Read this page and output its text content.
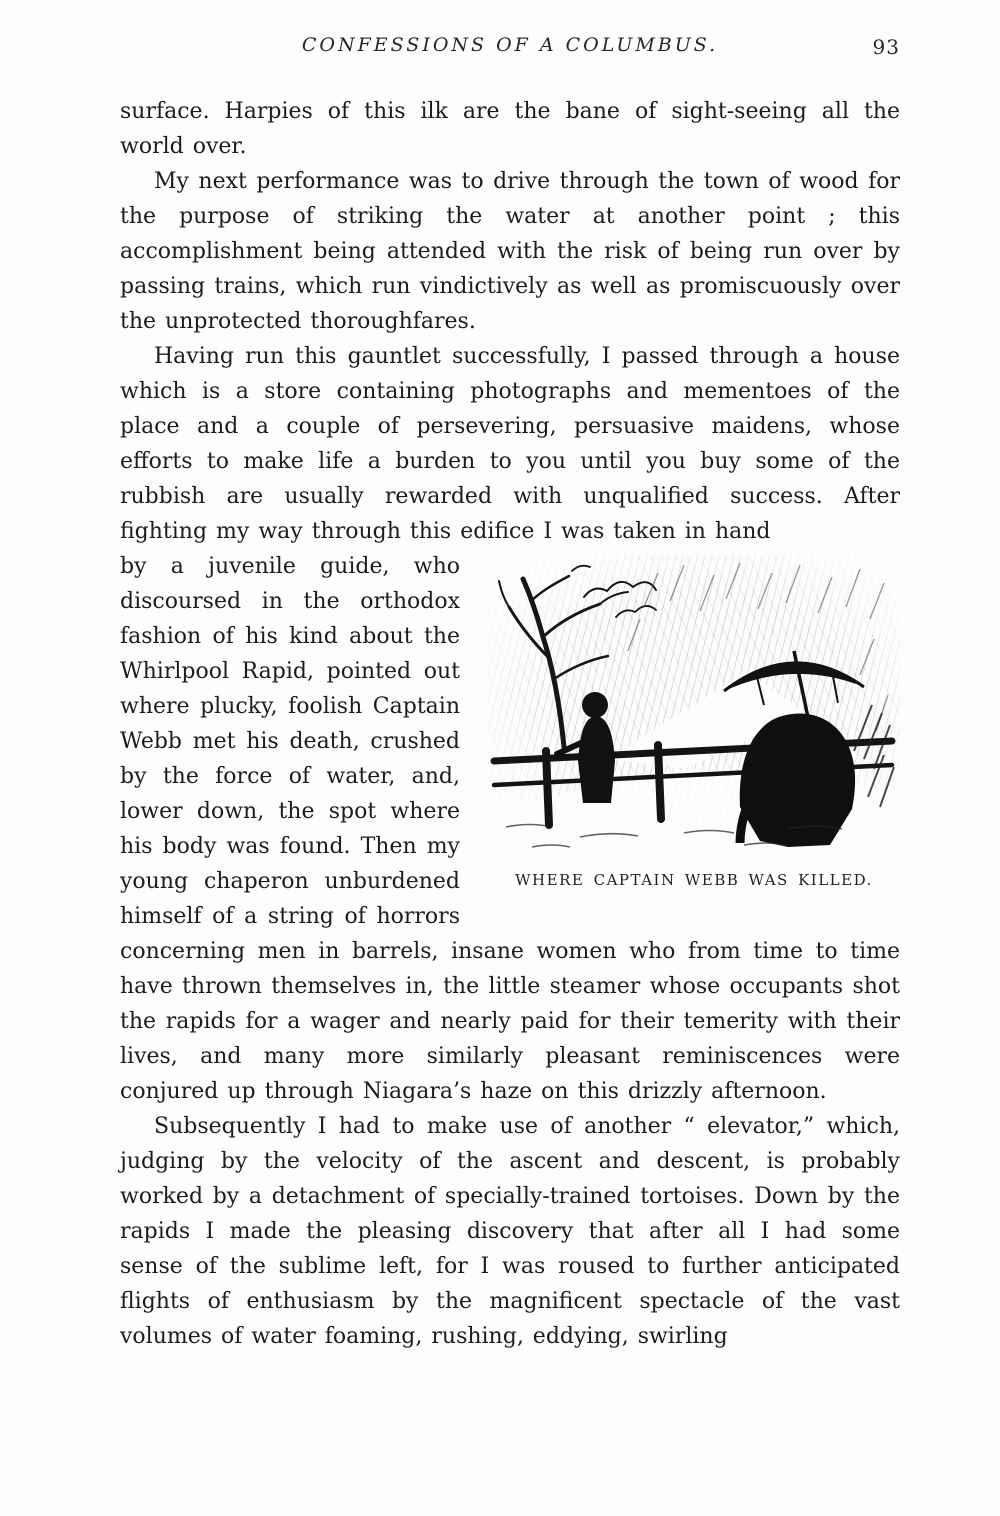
CONFESSIONS OF A COLUMBUS.	93

surface. Harpies of this ilk are the bane of sight-seeing all the world over.

My next performance was to drive through the town of wood for the purpose of striking the water at another point ; this accomplishment being attended with the risk of being run over by passing trains, which run vindictively as well as promiscuously over the unprotected thoroughfares.

Having run this gauntlet successfully, I passed through a house which is a store containing photographs and mementoes of the place and a couple of persevering, persuasive maidens, whose efforts to make life a burden to you until you buy some of the rubbish are usually rewarded with unqualified success. After fighting my way through this edifice I was taken in hand

WHERE CAPTAIN WEBB WAS KILLED.

by a juvenile guide, who discoursed in the orthodox fashion of his kind about the Whirlpool Rapid, pointed out where plucky, foolish Captain Webb met his death, crushed by the force of water, and, lower down, the spot where his body was found. Then my young chaperon unburdened himself of a string of horrors concerning men in barrels, insane women who from time to time have thrown themselves in, the little steamer whose occupants shot the rapids for a wager and nearly paid for their temerity with their lives, and many more similarly pleasant reminiscences were conjured up through Niagara’s haze on this drizzly afternoon.

Subsequently I had to make use of another “ elevator,” which, judging by the velocity of the ascent and descent, is probably worked by a detachment of specially-trained tortoises. Down by the rapids I made the pleasing discovery that after all I had some sense of the sublime left, for I was roused to further anticipated flights of enthusiasm by the magnificent spectacle of the vast volumes of water foaming, rushing, eddying, swirling
